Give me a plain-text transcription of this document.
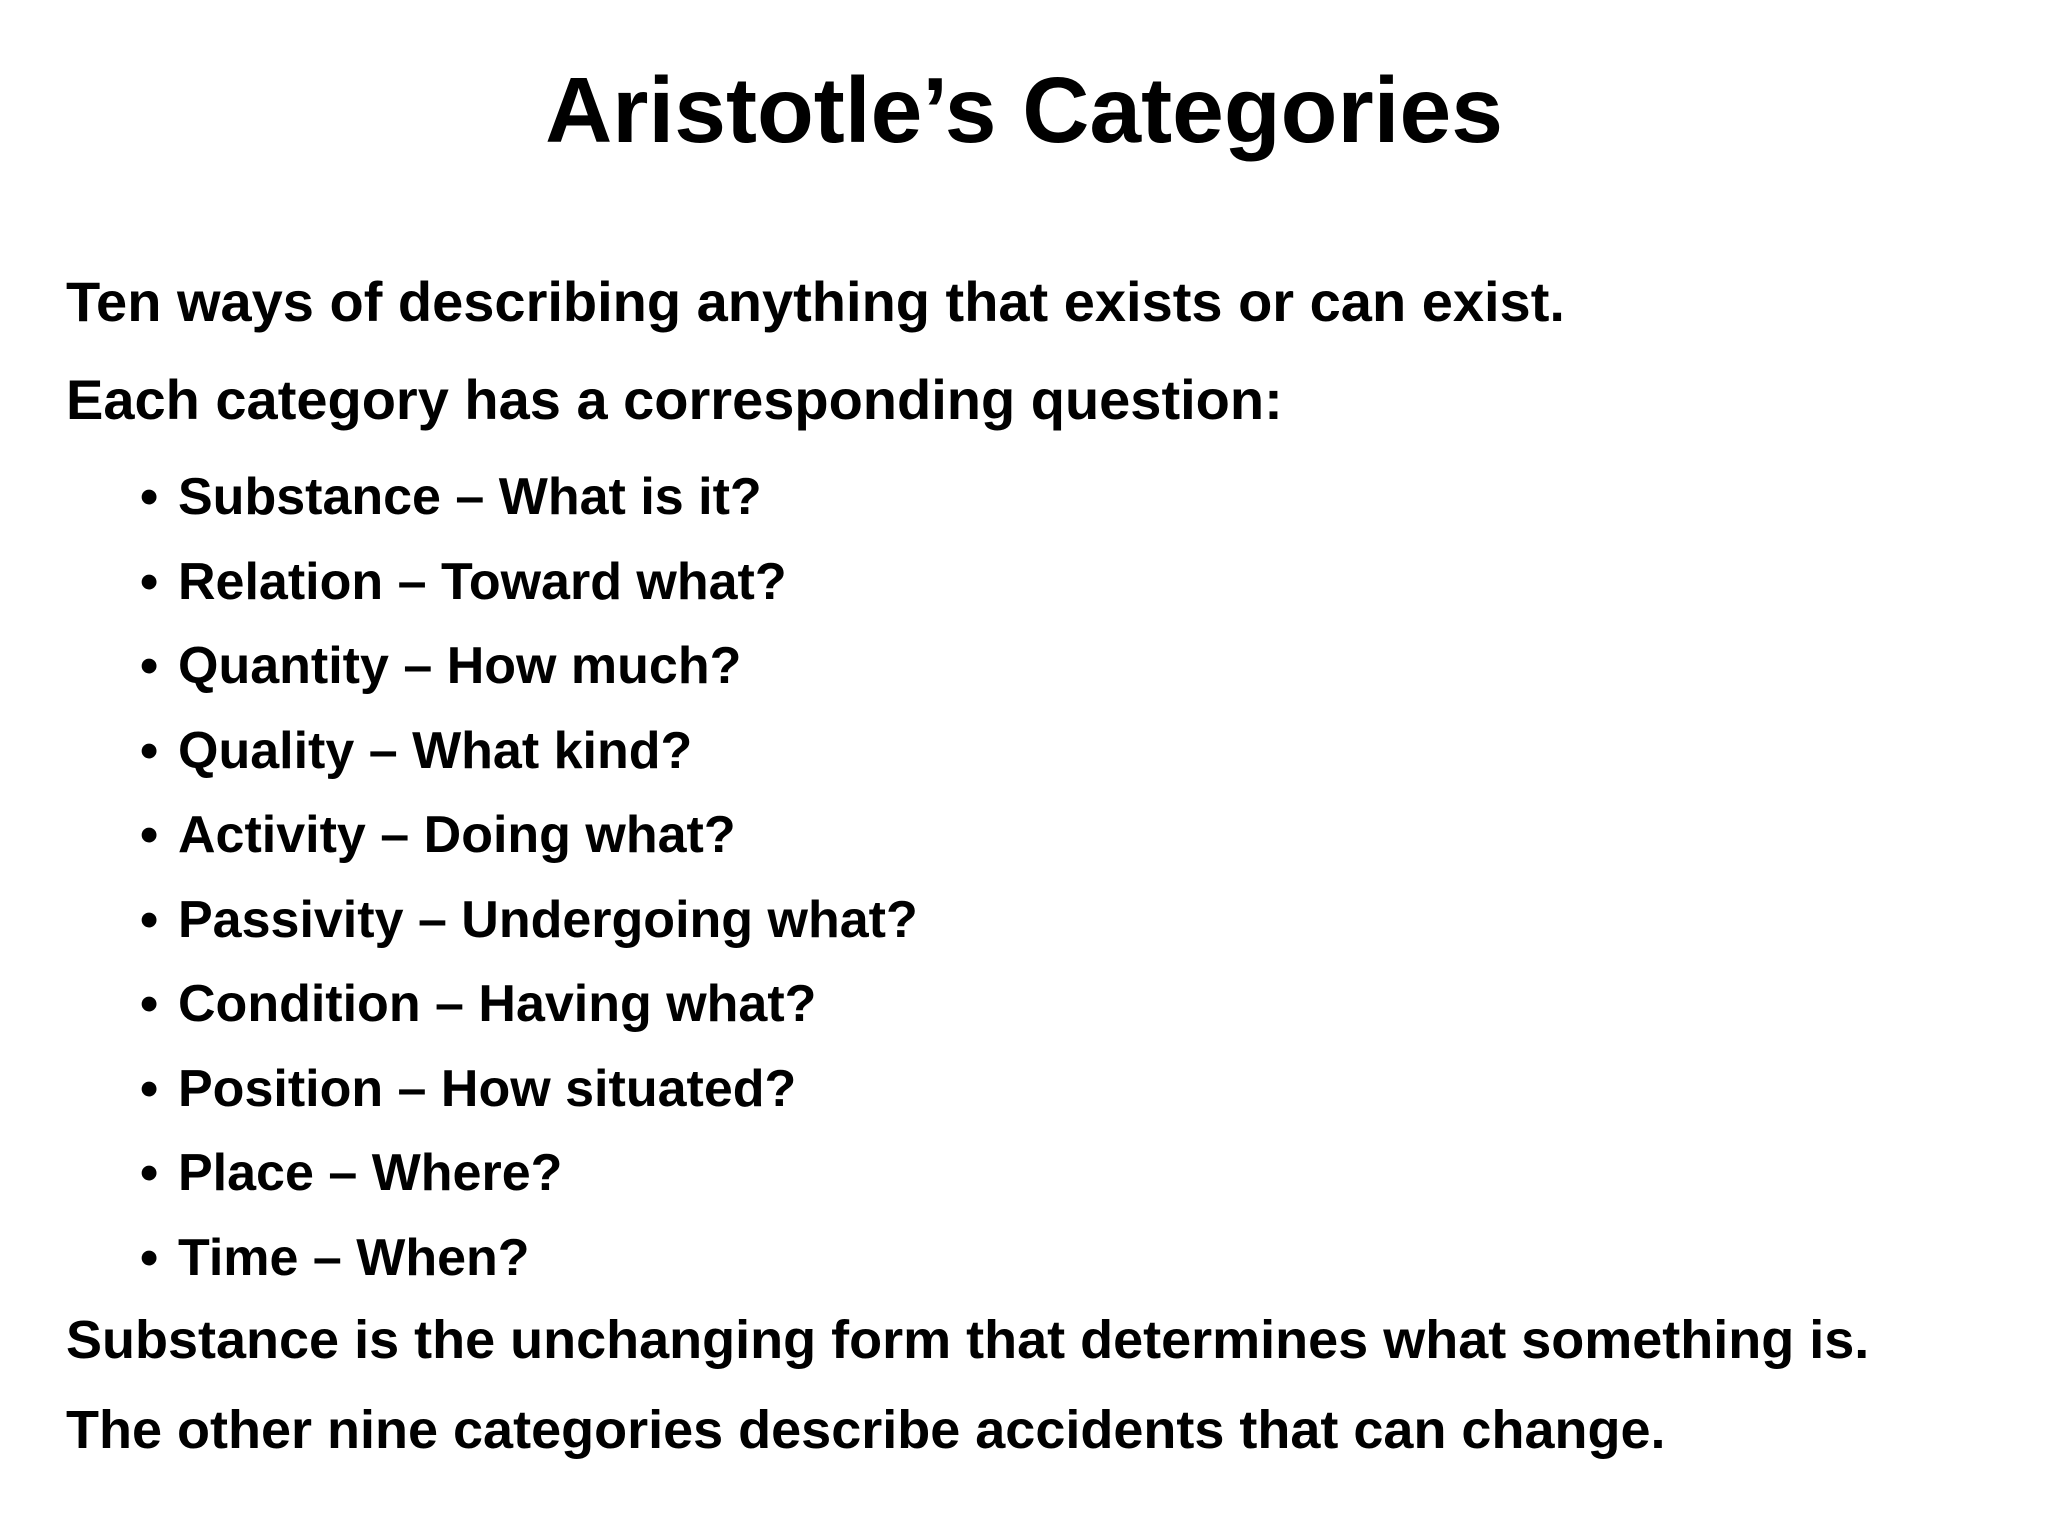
Aristotle’s Categories

Ten ways of describing anything that exists or can exist.

Each category has a corresponding question:

• Substance – What is it?
• Relation – Toward what?
• Quantity – How much?
• Quality – What kind?
• Activity – Doing what?
• Passivity – Undergoing what?
• Condition – Having what?
• Position – How situated?
• Place – Where?
• Time – When?

Substance is the unchanging form that determines what something is.

The other nine categories describe accidents that can change.
